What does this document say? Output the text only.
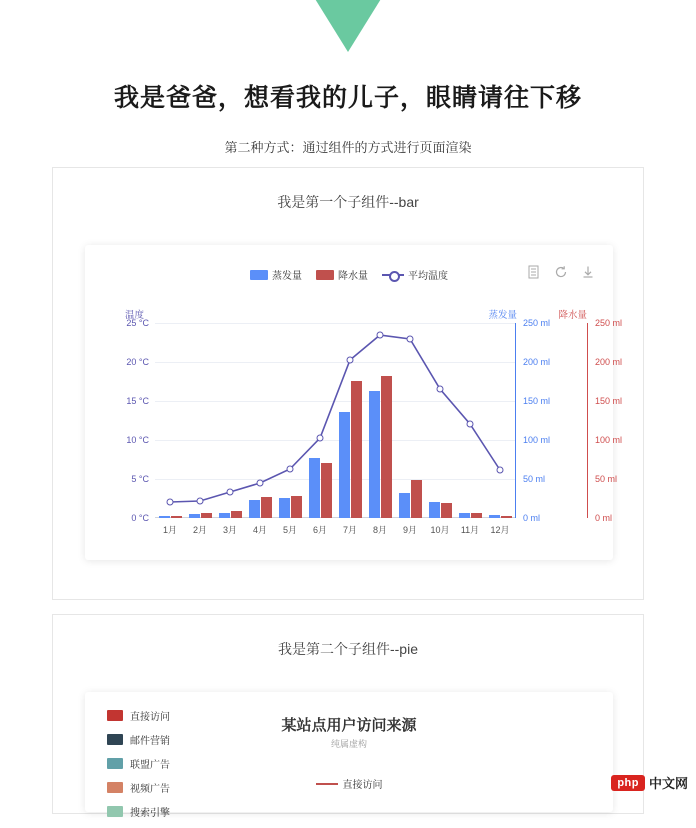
我是爸爸，想看我的儿子，眼睛请往下移
第二种方式：通过组件的方式进行页面渲染
我是第一个子组件--bar
蒸发量	降水量	平均温度
温度	蒸发量	降水量
0 °C
5 °C
10 °C
15 °C
20 °C
25 °C
0 ml
50 ml
100 ml
150 ml
200 ml
250 ml
0 ml
50 ml
100 ml
150 ml
200 ml
250 ml
1月	2月	3月	4月	5月	6月	7月	8月	9月	10月	11月	12月
我是第二个子组件--pie
直接访问
邮件营销
联盟广告
视频广告
搜索引擎
某站点用户访问来源
纯属虚构
直接访问	php 中文网
